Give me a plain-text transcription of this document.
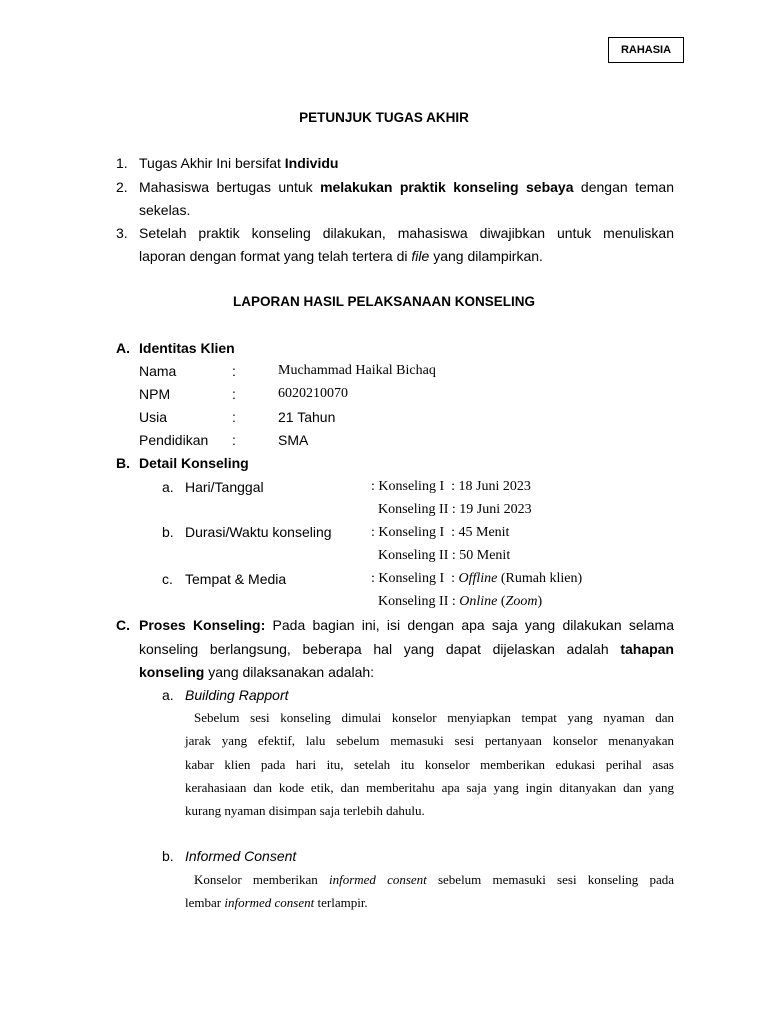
RAHASIA
PETUNJUK TUGAS AKHIR
1. Tugas Akhir Ini bersifat Individu
2. Mahasiswa bertugas untuk melakukan praktik konseling sebaya dengan teman
sekelas.
3. Setelah praktik konseling dilakukan, mahasiswa diwajibkan untuk menuliskan
laporan dengan format yang telah tertera di file yang dilampirkan.
LAPORAN HASIL PELAKSANAAN KONSELING
A. Identitas Klien
Nama	:	Muchammad Haikal Bichaq
NPM	:	6020210070
Usia	:	21 Tahun
Pendidikan :	SMA
B. Detail Konseling
a. Hari/Tanggal	: Konseling I  : 18 Juni 2023
Konseling II : 19 Juni 2023
b. Durasi/Waktu konseling	: Konseling I  : 45 Menit
Konseling II : 50 Menit
c. Tempat & Media	: Konseling I  : Offline (Rumah klien)
Konseling II : Online (Zoom)
C. Proses Konseling: Pada bagian ini, isi dengan apa saja yang dilakukan selama
konseling berlangsung, beberapa hal yang dapat dijelaskan adalah tahapan
konseling yang dilaksanakan adalah:
a. Building Rapport
Sebelum sesi konseling dimulai konselor menyiapkan tempat yang nyaman dan
jarak yang efektif, lalu sebelum memasuki sesi pertanyaan konselor menanyakan
kabar klien pada hari itu, setelah itu konselor memberikan edukasi perihal asas
kerahasiaan dan kode etik, dan memberitahu apa saja yang ingin ditanyakan dan yang
kurang nyaman disimpan saja terlebih dahulu.
b. Informed Consent
Konselor memberikan informed consent sebelum memasuki sesi konseling pada
lembar informed consent terlampir.
